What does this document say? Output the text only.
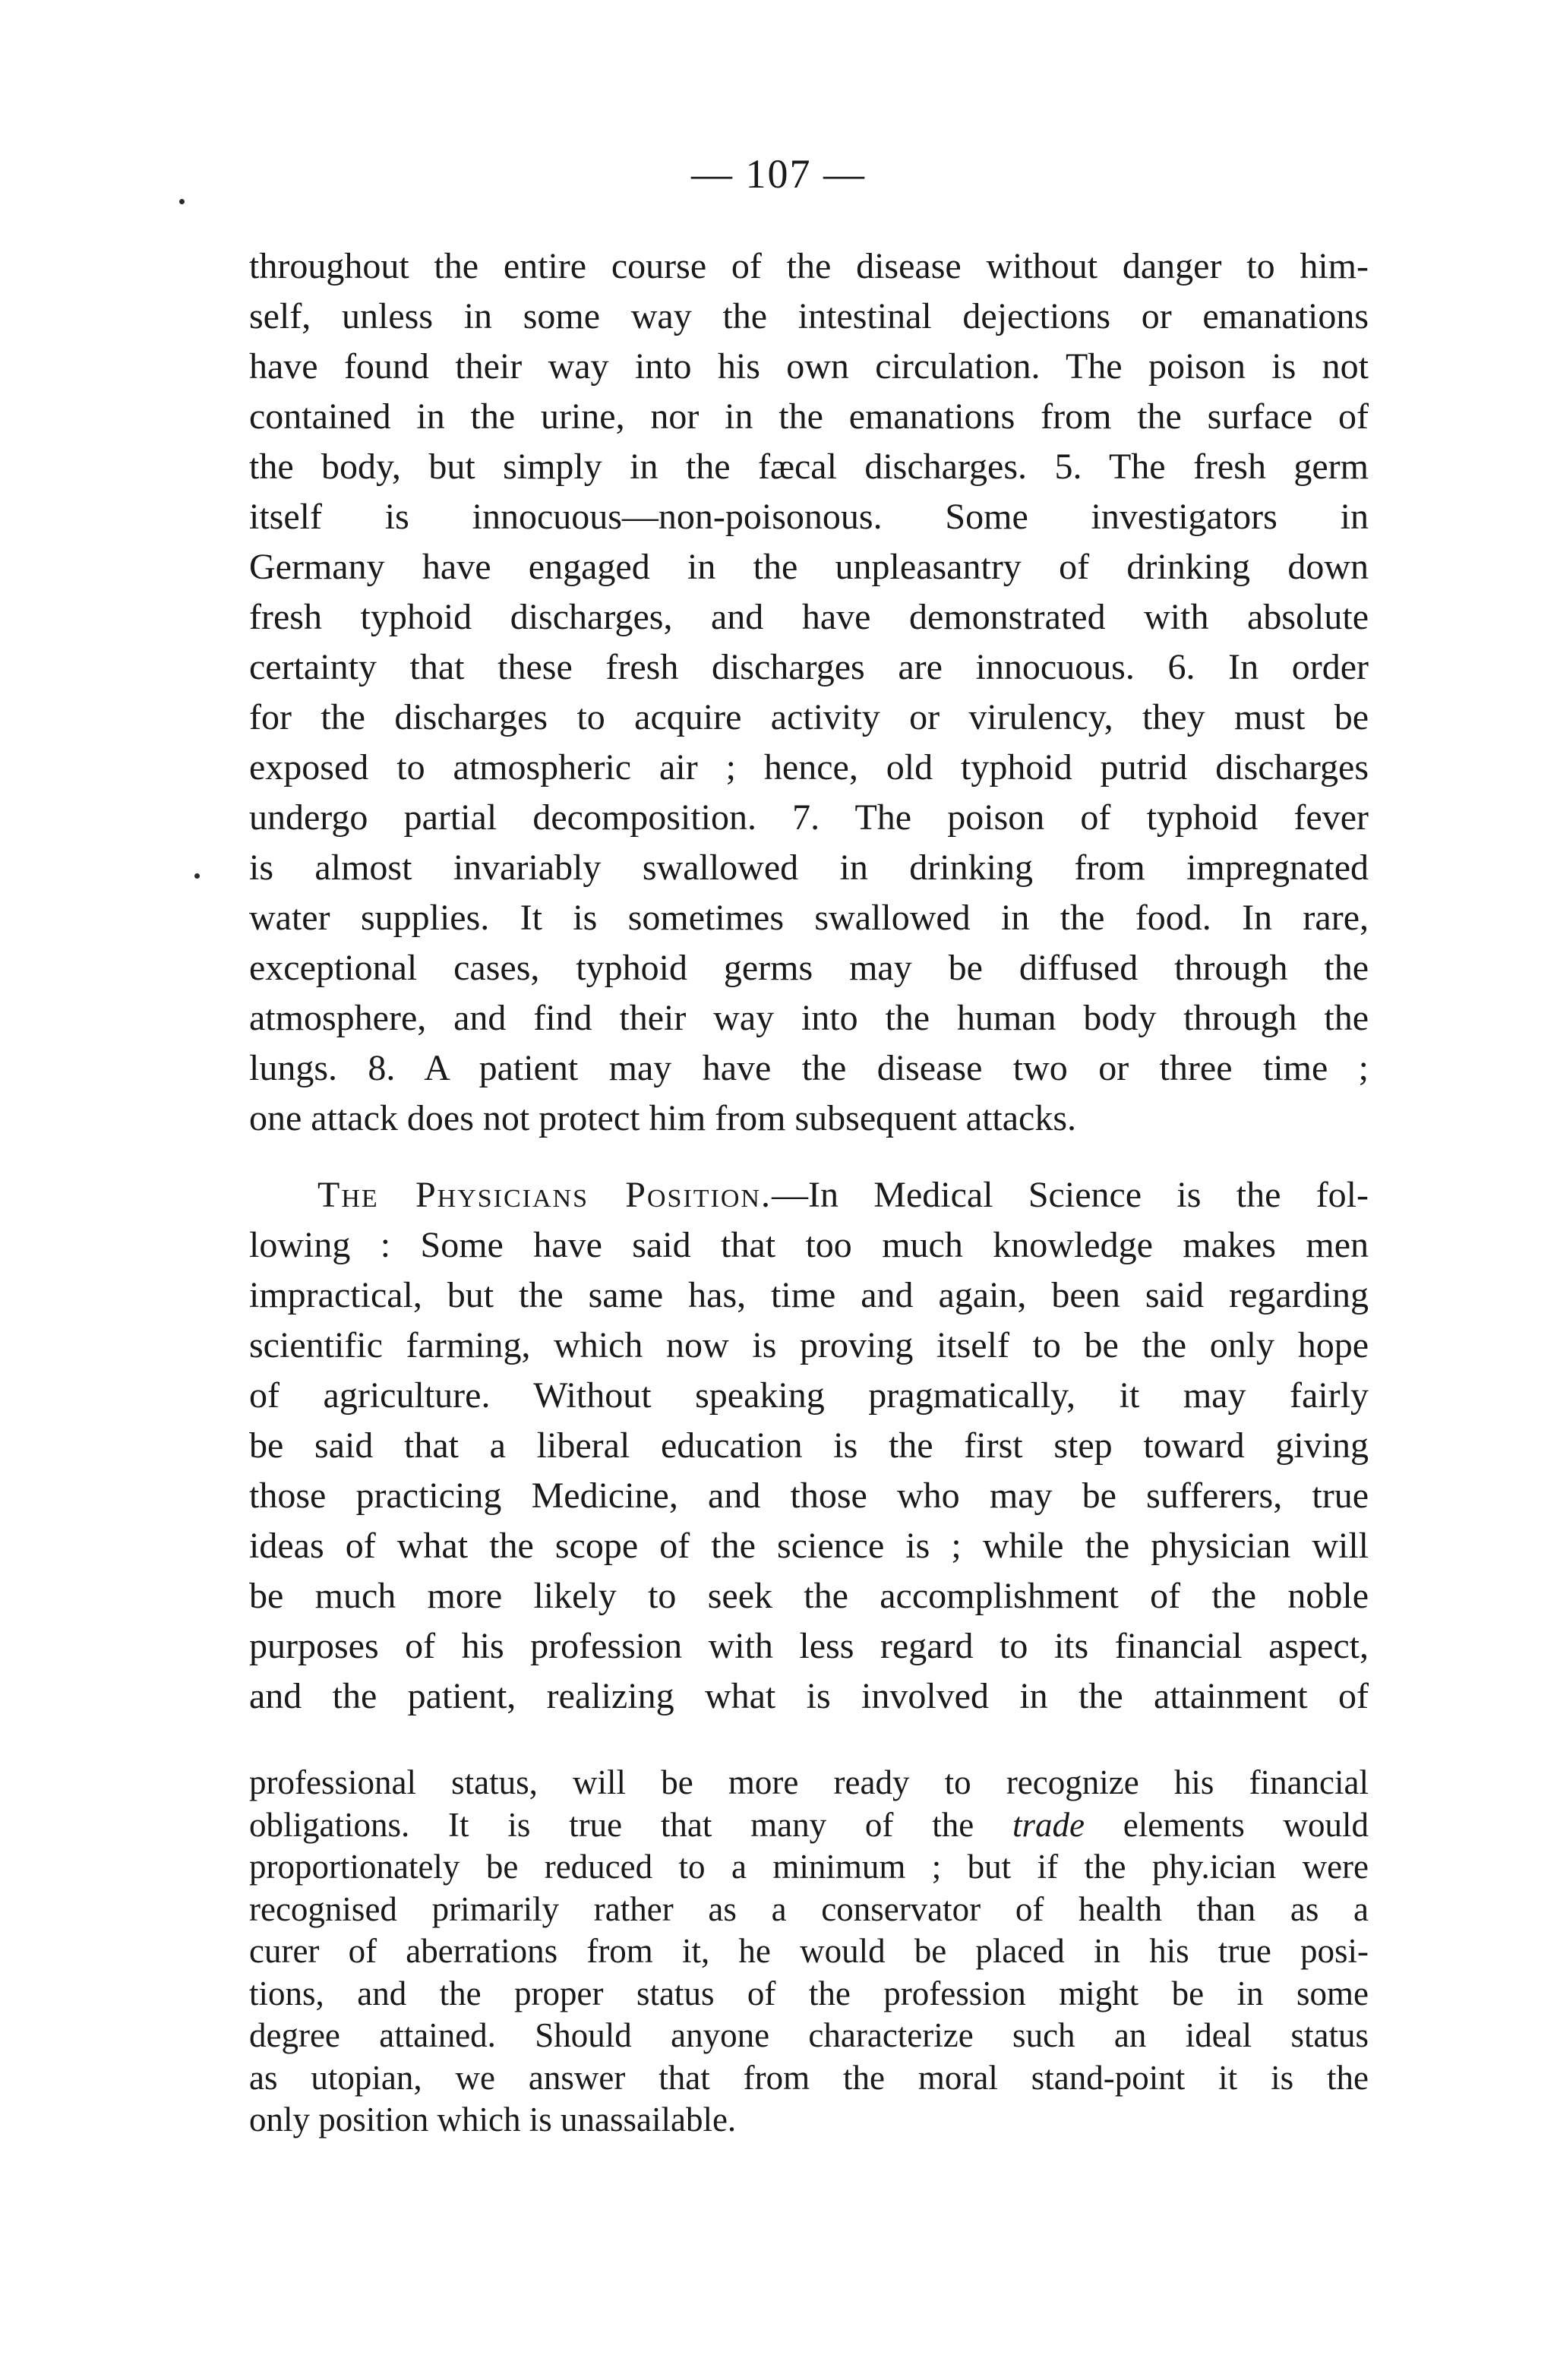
— 107 —
throughout the entire course of the disease without danger to him-
self, unless in some way the intestinal dejections or emanations
have found their way into his own circulation. The poison is not
contained in the urine, nor in the emanations from the surface of
the body, but simply in the fæcal discharges. 5. The fresh germ
itself is innocuous—non-poisonous. Some investigators in
Germany have engaged in the unpleasantry of drinking down
fresh typhoid discharges, and have demonstrated with absolute
certainty that these fresh discharges are innocuous. 6. In order
for the discharges to acquire activity or virulency, they must be
exposed to atmospheric air ; hence, old typhoid putrid discharges
undergo partial decomposition. 7. The poison of typhoid fever
is almost invariably swallowed in drinking from impregnated
water supplies. It is sometimes swallowed in the food. In rare,
exceptional cases, typhoid germs may be diffused through the
atmosphere, and find their way into the human body through the
lungs. 8. A patient may have the disease two or three time ;
one attack does not protect him from subsequent attacks.
The Physicians Position.—In Medical Science is the fol-
lowing : Some have said that too much knowledge makes men
impractical, but the same has, time and again, been said regarding
scientific farming, which now is proving itself to be the only hope
of agriculture. Without speaking pragmatically, it may fairly
be said that a liberal education is the first step toward giving
those practicing Medicine, and those who may be sufferers, true
ideas of what the scope of the science is ; while the physician will
be much more likely to seek the accomplishment of the noble
purposes of his profession with less regard to its financial aspect,
and the patient, realizing what is involved in the attainment of
professional status, will be more ready to recognize his financial
obligations. It is true that many of the trade elements would
proportionately be reduced to a minimum ; but if the phy.ician were
recognised primarily rather as a conservator of health than as a
curer of aberrations from it, he would be placed in his true posi-
tions, and the proper status of the profession might be in some
degree attained. Should anyone characterize such an ideal status
as utopian, we answer that from the moral stand-point it is the
only position which is unassailable.
